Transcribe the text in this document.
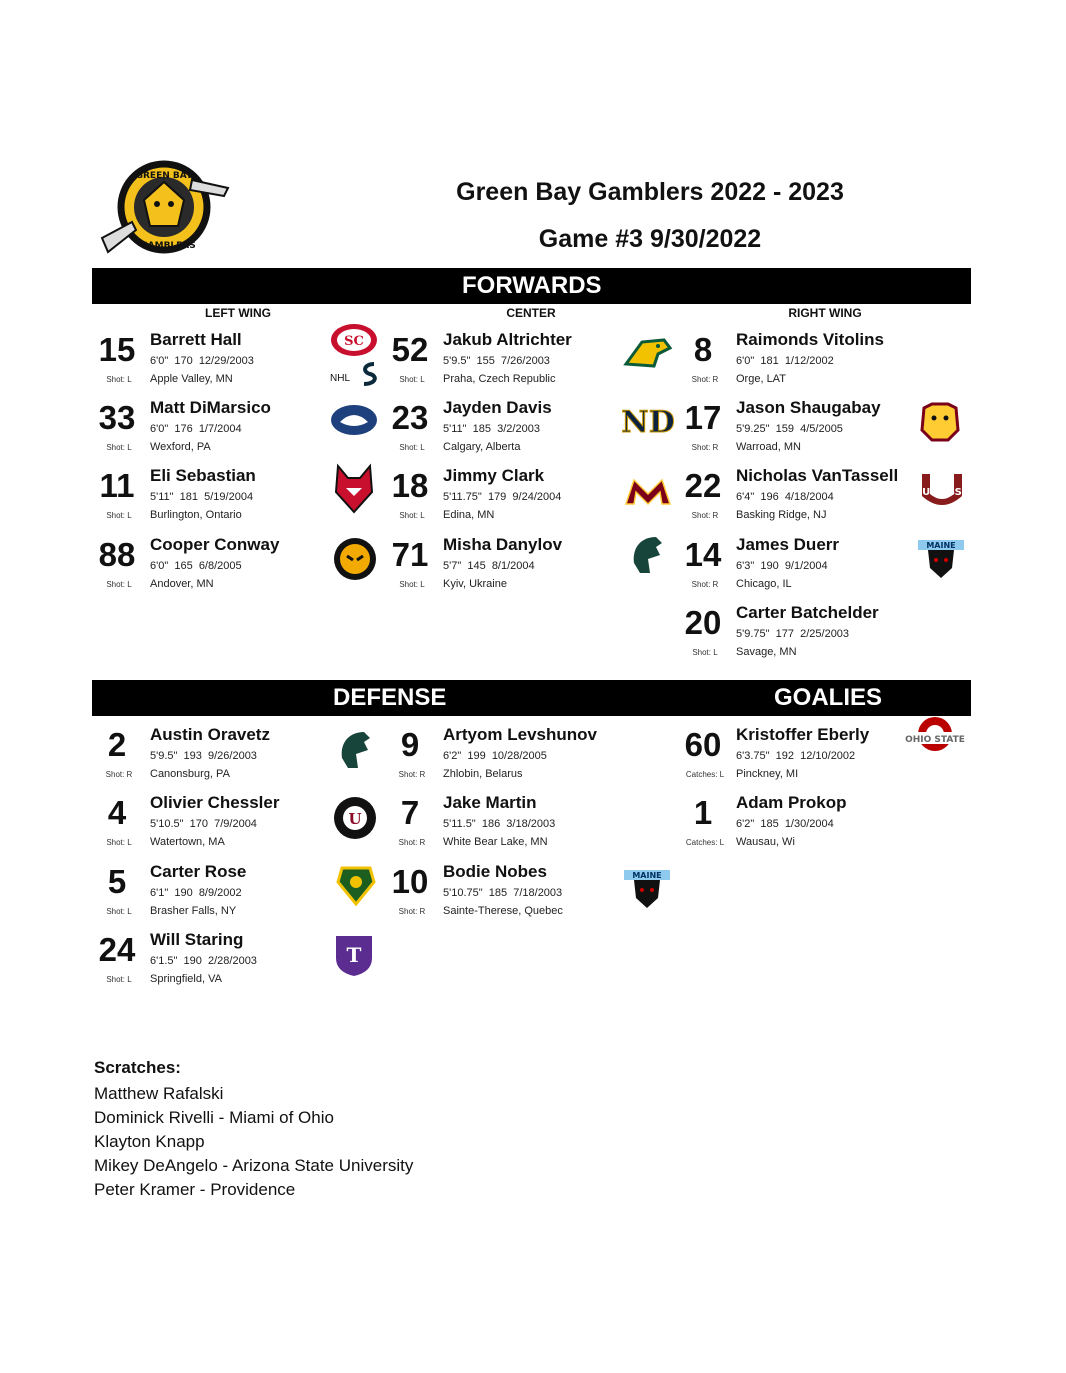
GREEN BAY
GAMBLERS
Green Bay Gamblers 2022 - 2023
Game #3 9/30/2022
FORWARDS
LEFT WING	CENTER	RIGHT WING
15 Barrett Hall
6'0"  170  12/29/2003
Shot: L	Apple Valley, MN
33 Matt DiMarsico
6'0"  176  1/7/2004
Shot: L	Wexford, PA
11 Eli Sebastian
5'11"  181  5/19/2004
Shot: L	Burlington, Ontario
88 Cooper Conway
6'0"  165  6/8/2005
Shot: L	Andover, MN
SC
NHL
52 Jakub Altrichter
5'9.5"  155  7/26/2003
Shot: L	Praha, Czech Republic
23 Jayden Davis
5'11"  185  3/2/2003
Shot: L	Calgary, Alberta
18 Jimmy Clark
5'11.75"  179  9/24/2004
Shot: L	Edina, MN
71 Misha Danylov
5'7"  145  8/1/2004
Shot: L	Kyiv, Ukraine
ND
8	Raimonds Vitolins
6'0"  181  1/12/2002
Shot: R	Orge, LAT
17 Jason Shaugabay
5'9.25"  159  4/5/2005
Shot: R	Warroad, MN
22 Nicholas VanTassell
6'4"  196  4/18/2004
Shot: R	Basking Ridge, NJ
14 James Duerr
6'3"  190  9/1/2004
Shot: R	Chicago, IL
20 Carter Batchelder
5'9.75"  177  2/25/2003
Shot: L	Savage, MN
UMASS
MAINE
DEFENSE	GOALIES
2	Austin Oravetz
5'9.5"  193  9/26/2003
Shot: R	Canonsburg, PA
4	Olivier Chessler
5'10.5"  170  7/9/2004
Shot: L	Watertown, MA
5	Carter Rose
6'1"  190  8/9/2002
Shot: L	Brasher Falls, NY
24 Will Staring
6'1.5"  190  2/28/2003
Shot: L	Springfield, VA
U
T
9	Artyom Levshunov
6'2"  199  10/28/2005
Shot: R	Zhlobin, Belarus
7	Jake Martin
5'11.5"  186  3/18/2003
Shot: R	White Bear Lake, MN
10 Bodie Nobes
5'10.75"  185  7/18/2003
Shot: R	Sainte-Therese, Quebec
MAINE
60 Kristoffer Eberly
6'3.75"  192  12/10/2002
Catches: L	Pinckney, MI
1	Adam Prokop
6'2"  185  1/30/2004
Catches: L	Wausau, Wi
OHIO STATE
Scratches:
Matthew Rafalski
Dominick Rivelli - Miami of Ohio
Klayton Knapp
Mikey DeAngelo - Arizona State University
Peter Kramer - Providence
